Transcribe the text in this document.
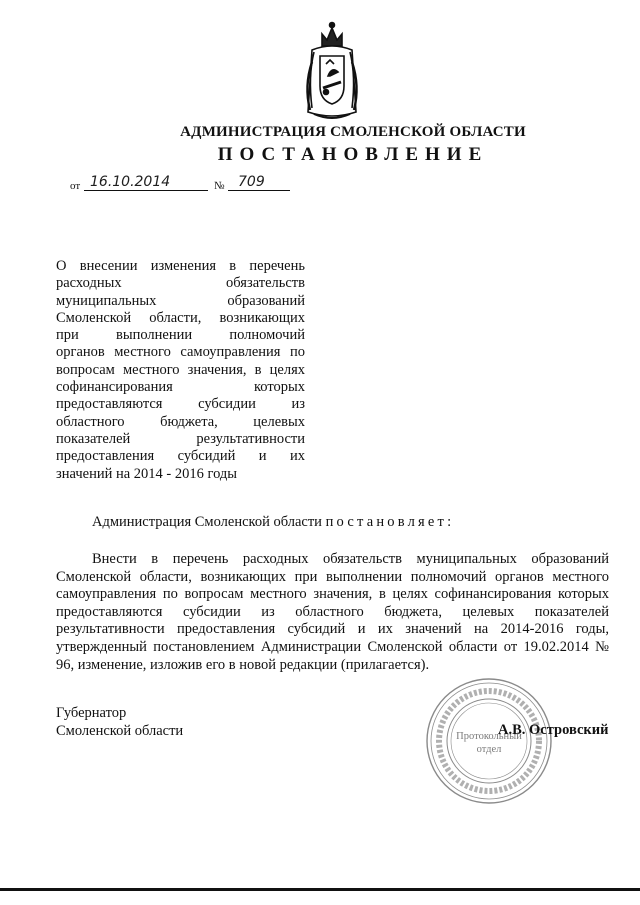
АДМИНИСТРАЦИЯ СМОЛЕНСКОЙ ОБЛАСТИ
ПОСТАНОВЛЕНИЕ
от 16.10.2014	№ 709
О внесении изменения в перечень
расходных обязательств
муниципальных образований
Смоленской области, возникающих
при выполнении полномочий
органов местного самоуправления по
вопросам местного значения, в целях
софинансирования которых
предоставляются субсидии из
областного бюджета, целевых
показателей результативности
предоставления субсидий и их
значений на 2014 - 2016 годы
Администрация Смоленской области постановляет:
Внести в перечень расходных обязательств муниципальных образований Смоленской области, возникающих при выполнении полномочий органов местного самоуправления по вопросам местного значения, в целях софинансирования которых предоставляются субсидии из областного бюджета, целевых показателей результативности предоставления субсидий и их значений на 2014-2016 годы, утвержденный постановлением Администрации Смоленской области от 19.02.2014 № 96, изменение, изложив его в новой редакции (прилагается).
Губернатор
Смоленской области	Протокольный
отдел
А.В. Островский
